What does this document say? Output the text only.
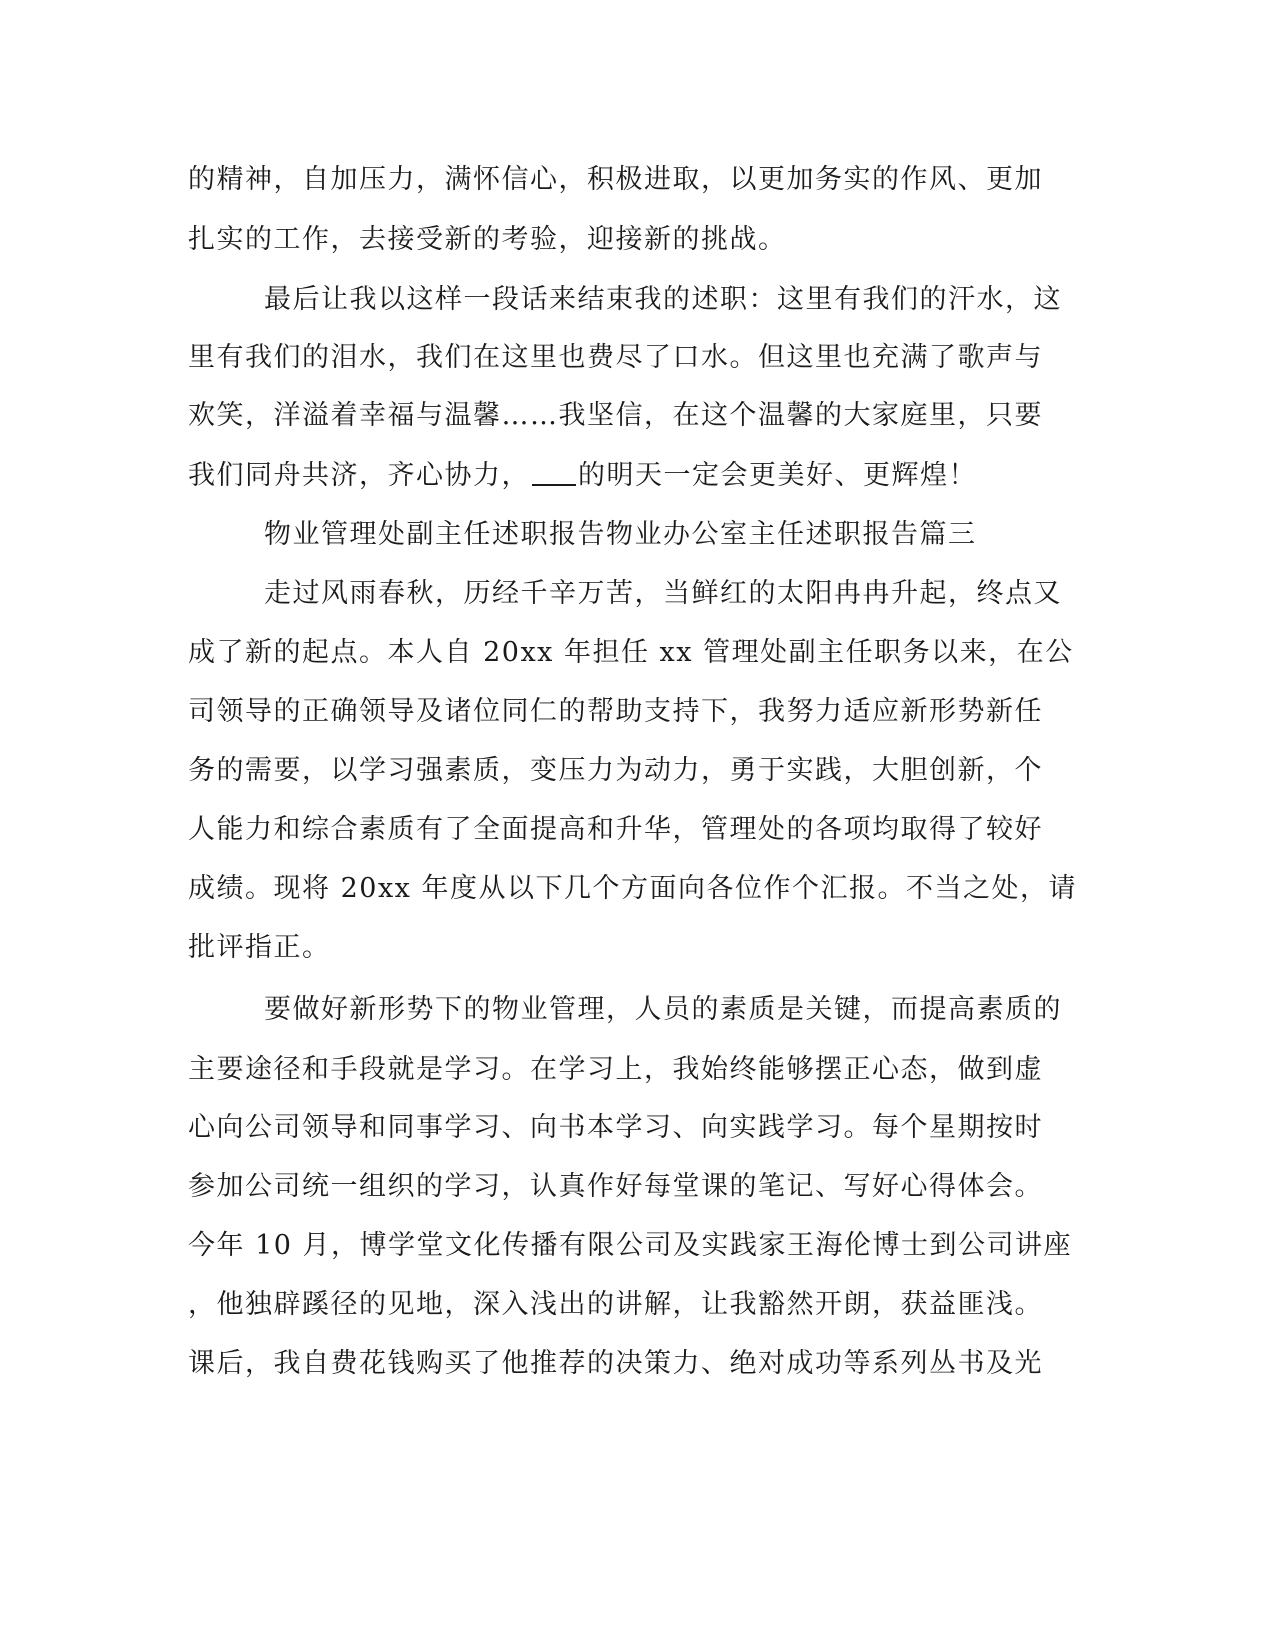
的精神，自加压力，满怀信心，积极进取，以更加务实的作风、更加
扎实的工作，去接受新的考验，迎接新的挑战。
最后让我以这样一段话来结束我的述职：这里有我们的汗水，这
里有我们的泪水，我们在这里也费尽了口水。但这里也充满了歌声与
欢笑，洋溢着幸福与温馨……我坚信，在这个温馨的大家庭里，只要
我们同舟共济，齐心协力， 的明天一定会更美好、更辉煌！
物业管理处副主任述职报告物业办公室主任述职报告篇三
走过风雨春秋，历经千辛万苦，当鲜红的太阳冉冉升起，终点又
成了新的起点。本人自 20xx 年担任 xx 管理处副主任职务以来，在公
司领导的正确领导及诸位同仁的帮助支持下，我努力适应新形势新任
务的需要，以学习强素质，变压力为动力，勇于实践，大胆创新，个
人能力和综合素质有了全面提高和升华，管理处的各项均取得了较好
成绩。现将 20xx 年度从以下几个方面向各位作个汇报。不当之处，请
批评指正。
要做好新形势下的物业管理，人员的素质是关键，而提高素质的
主要途径和手段就是学习。在学习上，我始终能够摆正心态，做到虚
心向公司领导和同事学习、向书本学习、向实践学习。每个星期按时
参加公司统一组织的学习，认真作好每堂课的笔记、写好心得体会。
今年 10 月，博学堂文化传播有限公司及实践家王海伦博士到公司讲座
，他独辟蹊径的见地，深入浅出的讲解，让我豁然开朗，获益匪浅。
课后，我自费花钱购买了他推荐的决策力、绝对成功等系列丛书及光
